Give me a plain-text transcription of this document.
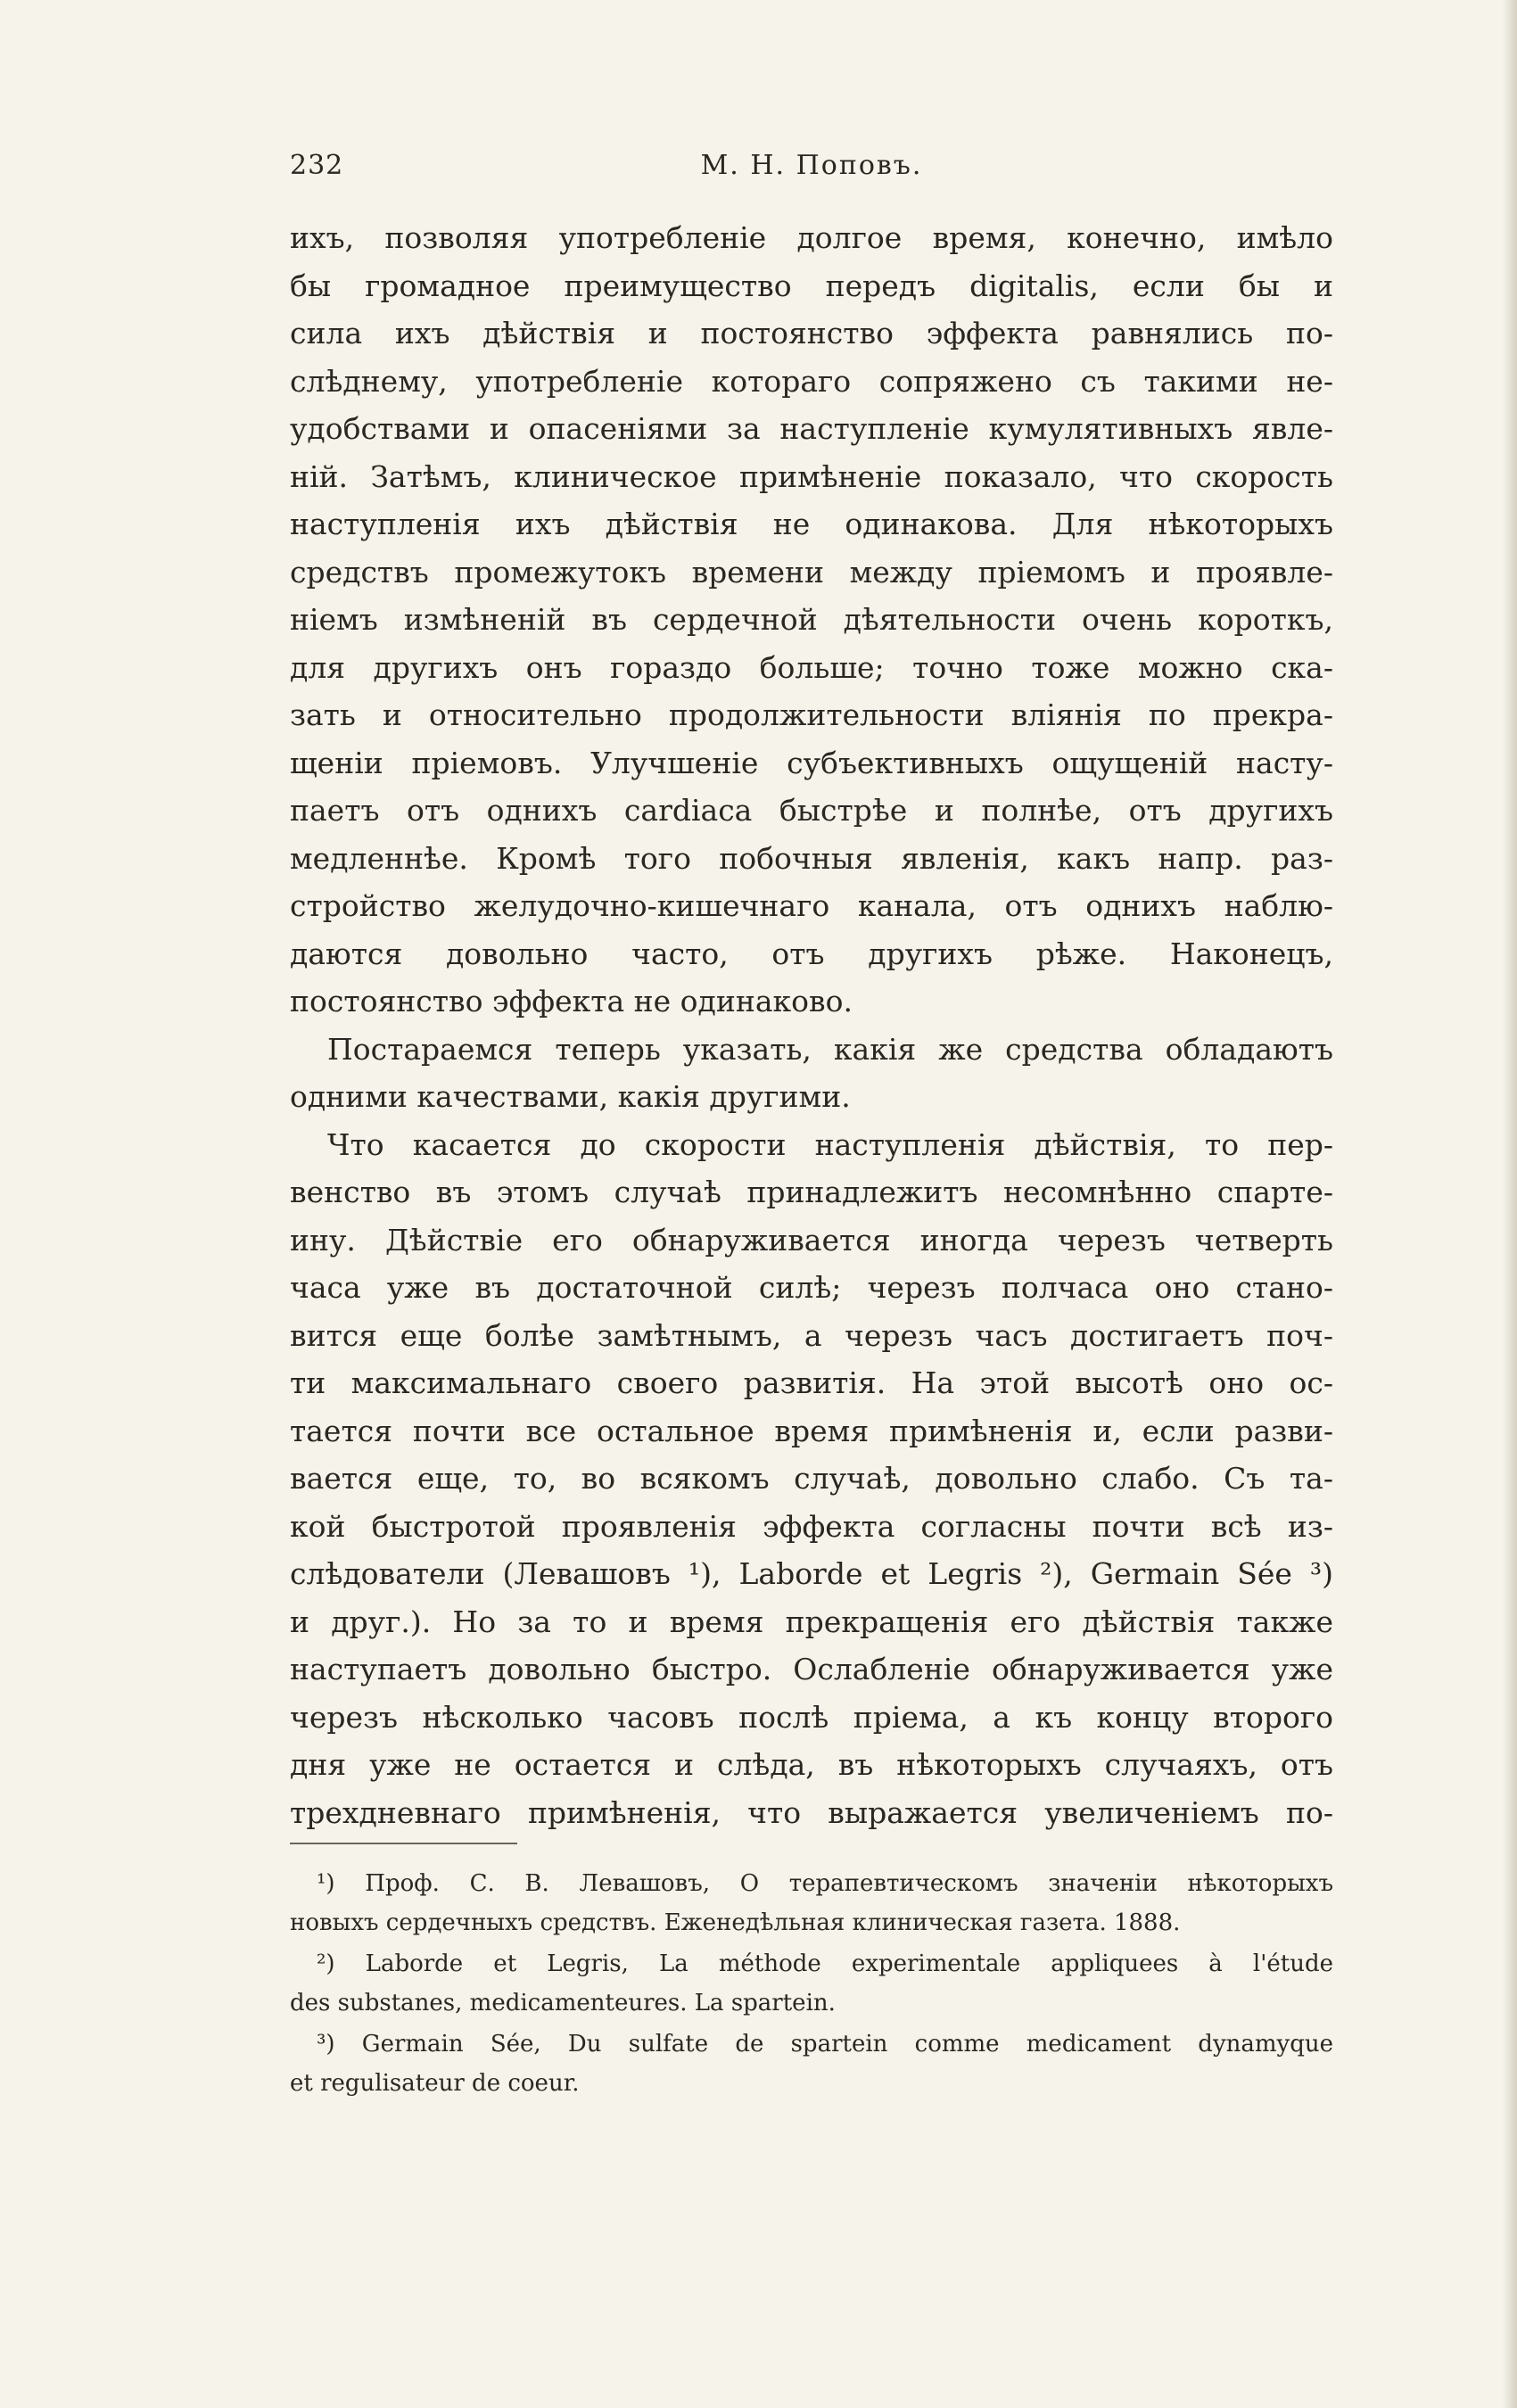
232	М. Н. Поповъ.
ихъ, позволяя употребленіе долгое время, конечно, имѣло
бы громадное преимущество передъ digitalis, если бы и
сила ихъ дѣйствія и постоянство эффекта равнялись по-
слѣднему, употребленіе котораго сопряжено съ такими не-
удобствами и опасеніями за наступленіе кумулятивныхъ явле-
ній. Затѣмъ, клиническое примѣненіе показало, что скорость
наступленія ихъ дѣйствія не одинакова. Для нѣкоторыхъ
средствъ промежутокъ времени между пріемомъ и проявле-
ніемъ измѣненій въ сердечной дѣятельности очень короткъ,
для другихъ онъ гораздо больше; точно тоже можно ска-
зать и относительно продолжительности вліянія по прекра-
щеніи пріемовъ. Улучшеніе субъективныхъ ощущеній насту-
паетъ отъ однихъ cardiaca быстрѣе и полнѣе, отъ другихъ
медленнѣе. Кромѣ того побочныя явленія, какъ напр. раз-
стройство желудочно-кишечнаго канала, отъ однихъ наблю-
даются довольно часто, отъ другихъ рѣже. Наконецъ,
постоянство эффекта не одинаково.
Постараемся теперь указать, какія же средства обладаютъ
одними качествами, какія другими.
Что касается до скорости наступленія дѣйствія, то пер-
венство въ этомъ случаѣ принадлежитъ несомнѣнно спарте-
ину. Дѣйствіе его обнаруживается иногда черезъ четверть
часа уже въ достаточной силѣ; черезъ полчаса оно стано-
вится еще болѣе замѣтнымъ, а черезъ часъ достигаетъ поч-
ти максимальнаго своего развитія. На этой высотѣ оно ос-
тается почти все остальное время примѣненія и, если разви-
вается еще, то, во всякомъ случаѣ, довольно слабо. Съ та-
кой быстротой проявленія эффекта согласны почти всѣ из-
слѣдователи (Левашовъ ¹), Laborde et Legris ²), Germain Sée ³)
и друг.). Но за то и время прекращенія его дѣйствія также
наступаетъ довольно быстро. Ослабленіе обнаруживается уже
черезъ нѣсколько часовъ послѣ пріема, а къ концу второго
дня уже не остается и слѣда, въ нѣкоторыхъ случаяхъ, отъ
трехдневнаго примѣненія, что выражается увеличеніемъ по-
¹) Проф. С. В. Левашовъ, О терапевтическомъ значеніи нѣкоторыхъ
новыхъ сердечныхъ средствъ. Еженедѣльная клиническая газета. 1888.
²) Laborde et Legris, La méthode experimentale appliquees à l'étude
des substanes, medicamenteures. La spartein.
³) Germain Sée, Du sulfate de spartein comme medicament dynamyque
et regulisateur de coeur.
